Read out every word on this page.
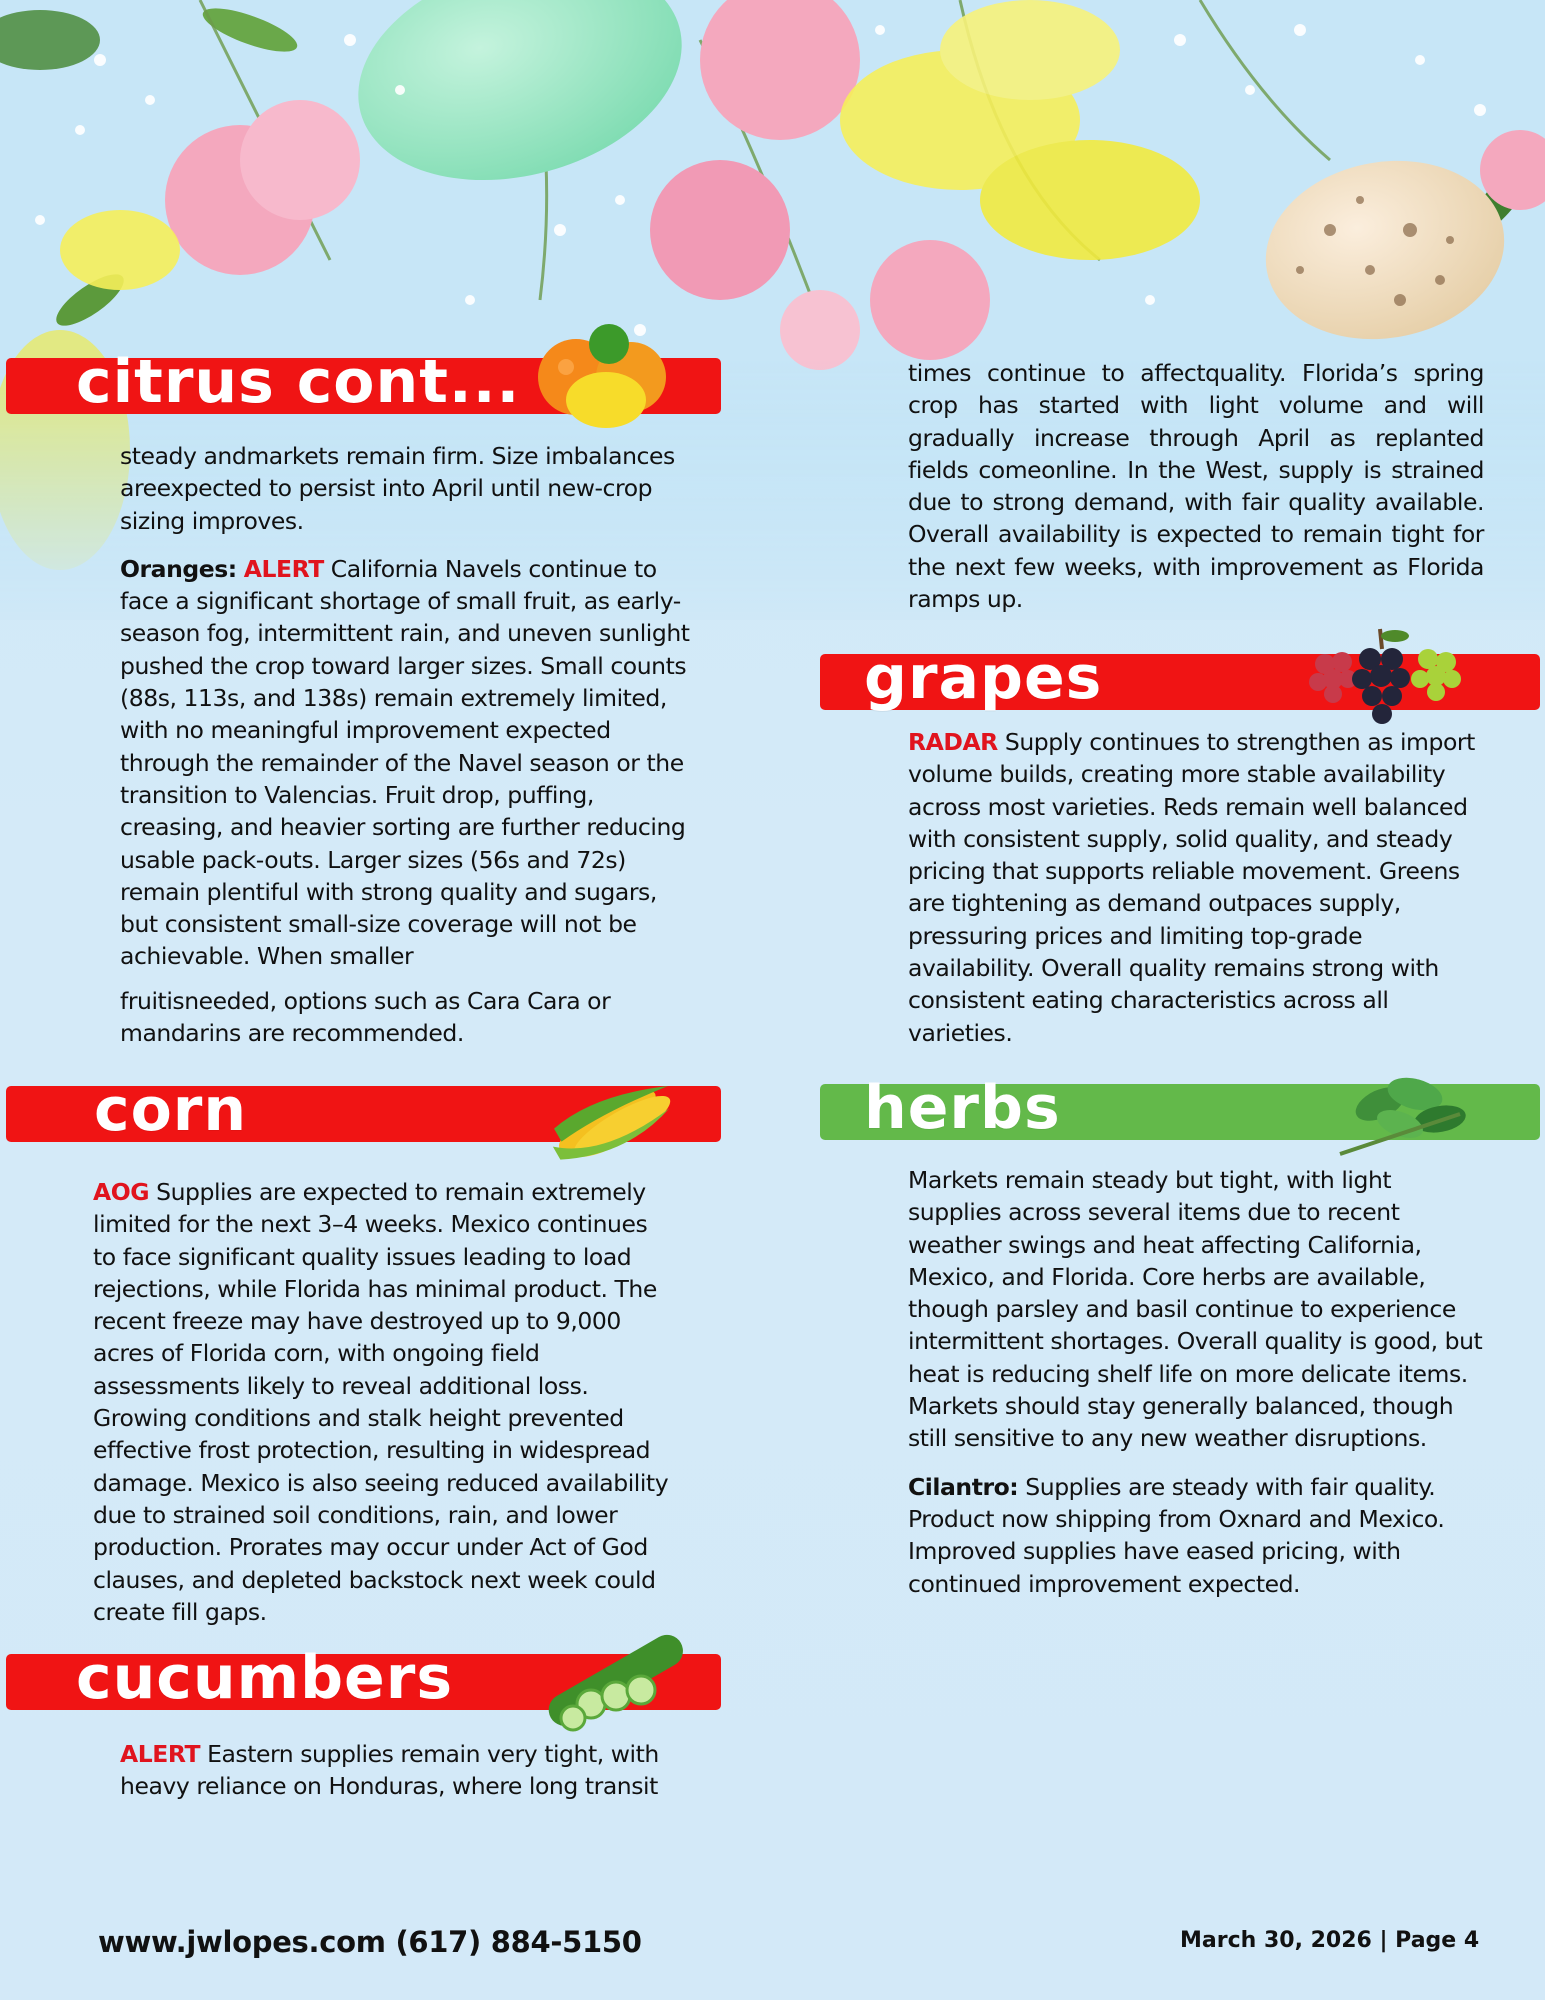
citrus cont...

steady andmarkets remain firm. Size imbalances areexpected to persist into April until new-crop sizing improves.

Oranges: ALERT California Navels continue to face a significant shortage of small fruit, as early-season fog, intermittent rain, and uneven sunlight pushed the crop toward larger sizes. Small counts (88s, 113s, and 138s) remain extremely limited, with no meaningful improvement expected through the remainder of the Navel season or the transition to Valencias. Fruit drop, puffing, creasing, and heavier sorting are further reducing usable pack-outs. Larger sizes (56s and 72s) remain plentiful with strong quality and sugars, but consistent small-size coverage will not be achievable. When smaller

fruitisneeded, options such as Cara Cara or mandarins are recommended.

corn

AOG Supplies are expected to remain extremely limited for the next 3–4 weeks. Mexico continues to face significant quality issues leading to load rejections, while Florida has minimal product. The recent freeze may have destroyed up to 9,000 acres of Florida corn, with ongoing field assessments likely to reveal additional loss. Growing conditions and stalk height prevented effective frost protection, resulting in widespread damage. Mexico is also seeing reduced availability due to strained soil conditions, rain, and lower production. Prorates may occur under Act of God clauses, and depleted backstock next week could create fill gaps.

cucumbers

ALERT Eastern supplies remain very tight, with heavy reliance on Honduras, where long transit

times continue to affectquality. Florida’s spring crop has started with light volume and will gradually increase through April as replanted fields comeonline. In the West, supply is strained due to strong demand, with fair quality available. Overall availability is expected to remain tight for the next few weeks, with improvement as Florida ramps up.

grapes

RADAR Supply continues to strengthen as import volume builds, creating more stable availability across most varieties. Reds remain well balanced with consistent supply, solid quality, and steady pricing that supports reliable movement. Greens are tightening as demand outpaces supply, pressuring prices and limiting top-grade availability. Overall quality remains strong with consistent eating characteristics across all varieties.

herbs

Markets remain steady but tight, with light supplies across several items due to recent weather swings and heat affecting California, Mexico, and Florida. Core herbs are available, though parsley and basil continue to experience intermittent shortages. Overall quality is good, but heat is reducing shelf life on more delicate items. Markets should stay generally balanced, though still sensitive to any new weather disruptions.

Cilantro: Supplies are steady with fair quality. Product now shipping from Oxnard and Mexico. Improved supplies have eased pricing, with continued improvement expected.

www.jwlopes.com (617) 884-5150	March 30, 2026 | Page 4
